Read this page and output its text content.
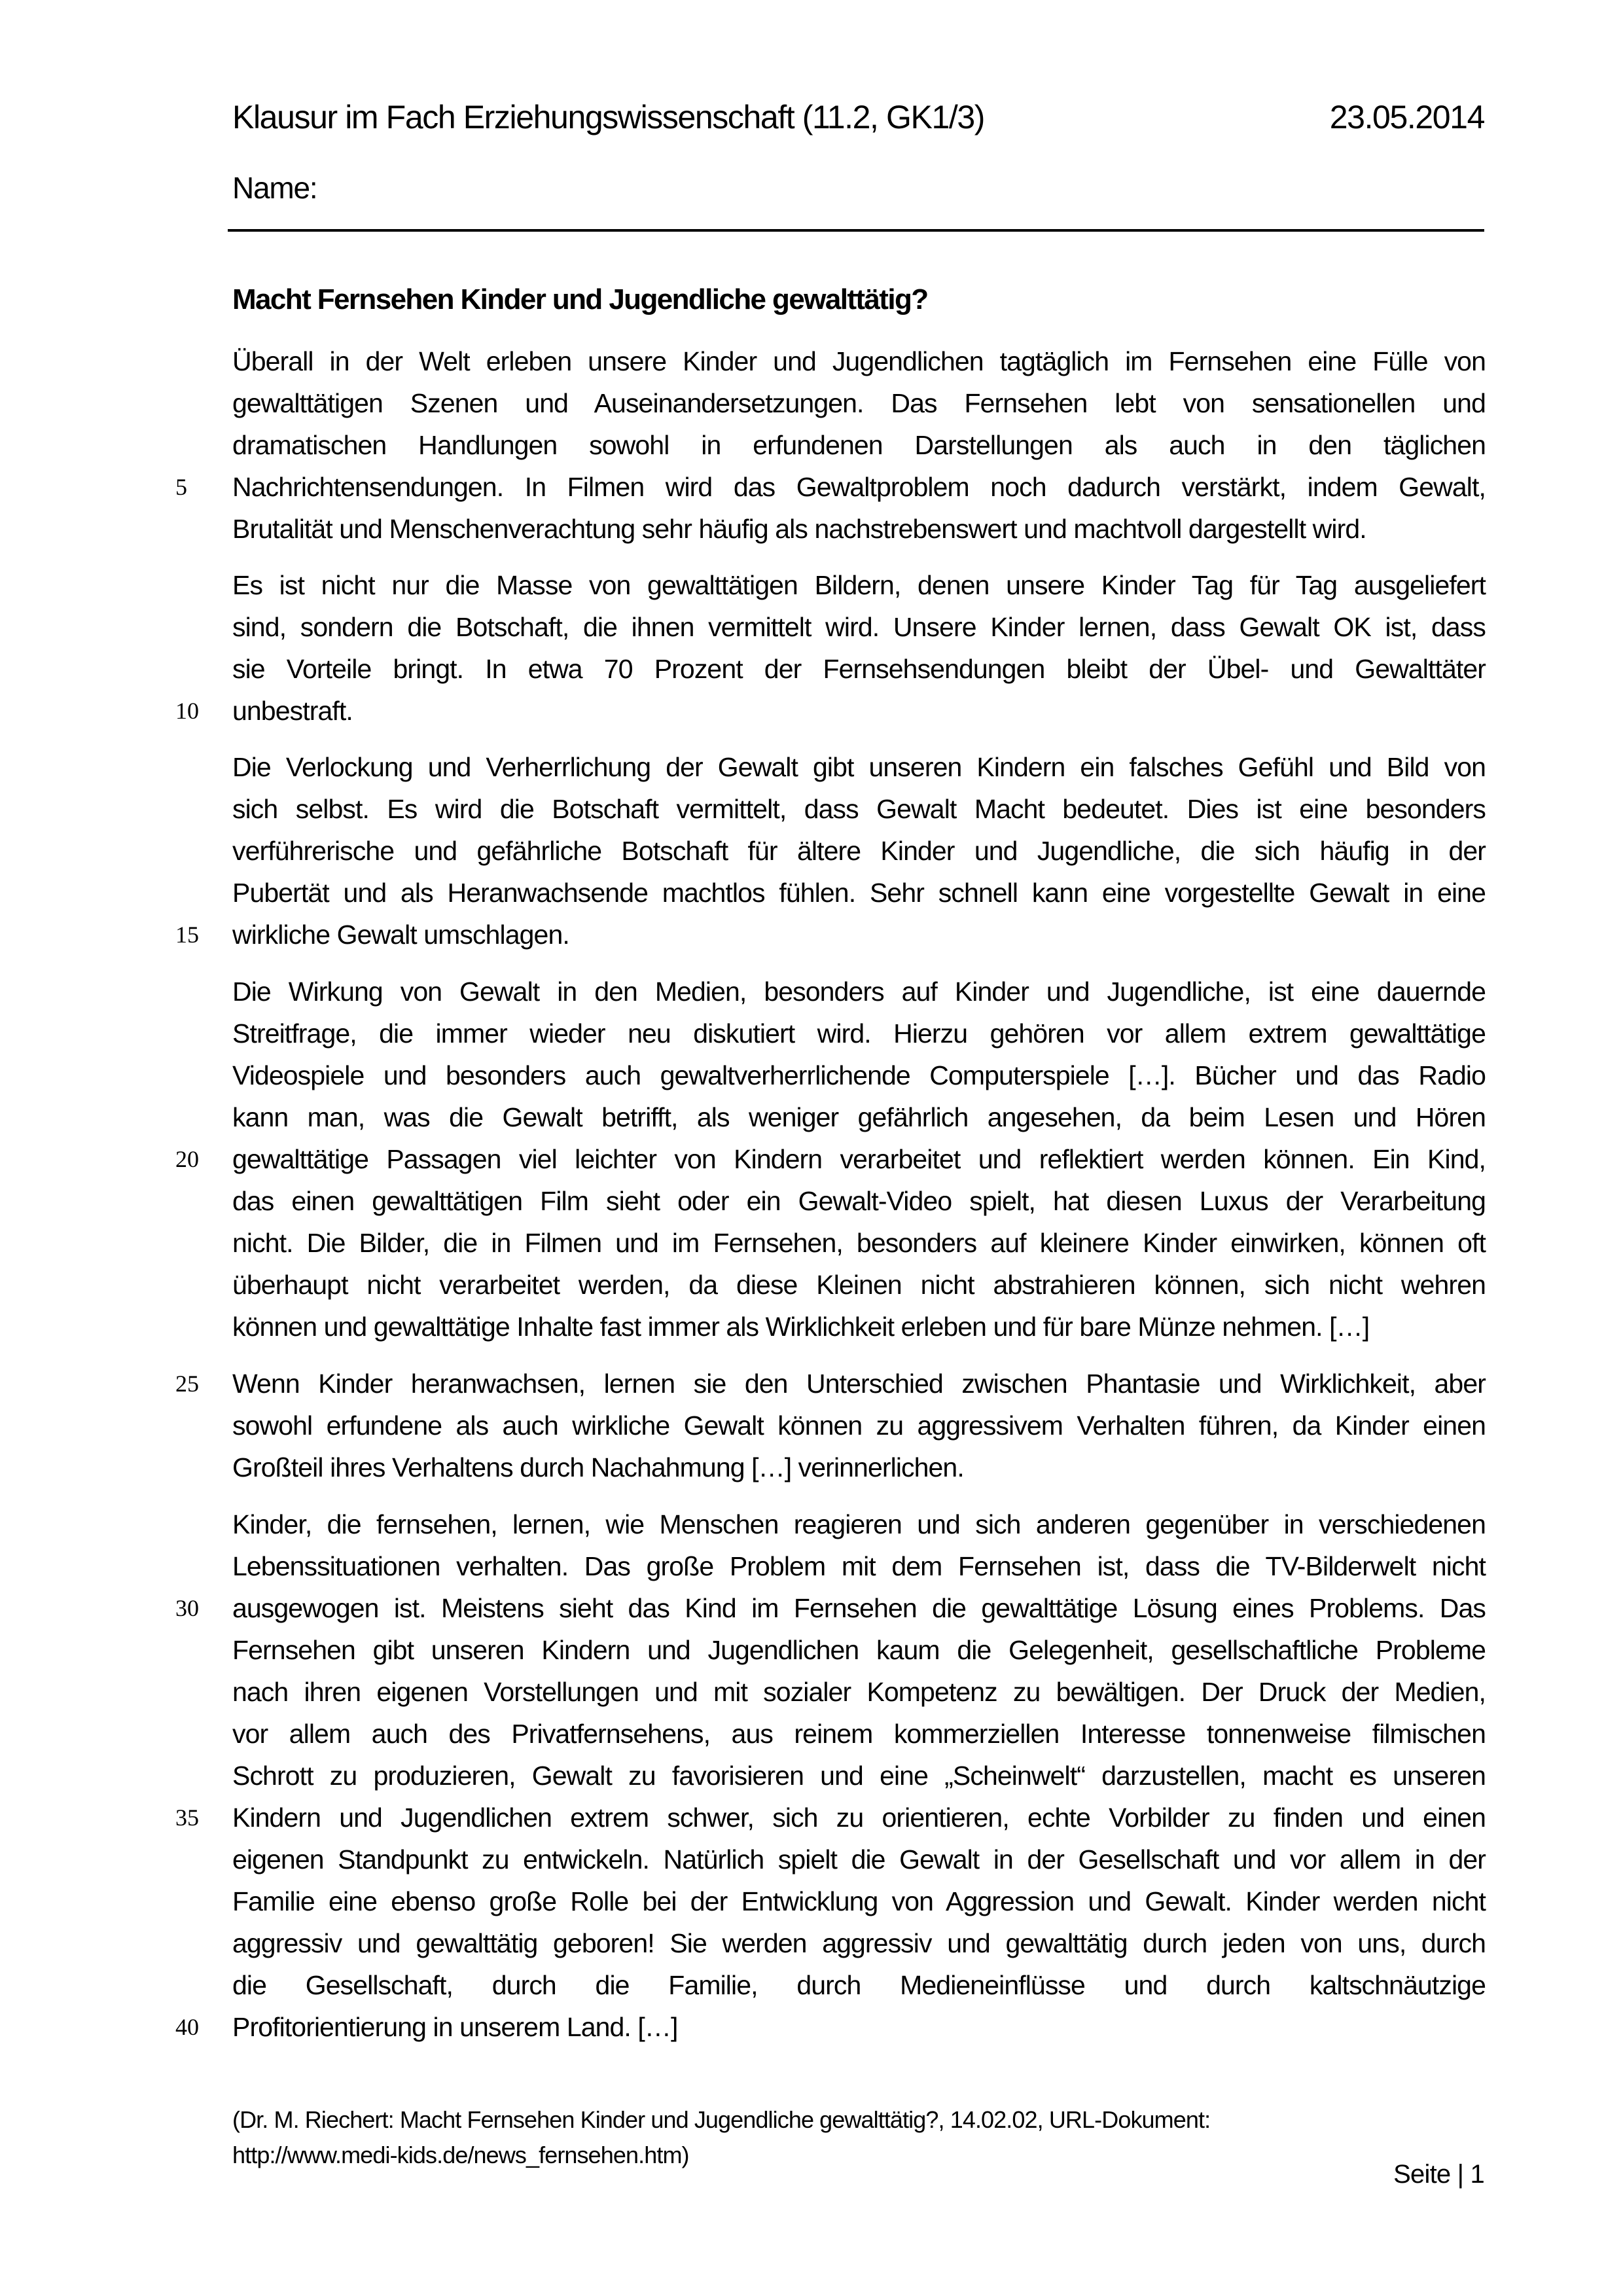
Klausur im Fach Erziehungswissenschaft (11.2, GK1/3)	23.05.2014
Name:
Macht Fernsehen Kinder und Jugendliche gewalttätig?
Überall in der Welt erleben unsere Kinder und Jugendlichen tagtäglich im Fernsehen eine Fülle von
gewalttätigen Szenen und Auseinandersetzungen. Das Fernsehen lebt von sensationellen und
dramatischen Handlungen sowohl in erfundenen Darstellungen als auch in den täglichen
Nachrichtensendungen. In Filmen wird das Gewaltproblem noch dadurch verstärkt, indem Gewalt,
5
Brutalität und Menschenverachtung sehr häufig als nachstrebenswert und machtvoll dargestellt wird.
Es ist nicht nur die Masse von gewalttätigen Bildern, denen unsere Kinder Tag für Tag ausgeliefert
sind, sondern die Botschaft, die ihnen vermittelt wird. Unsere Kinder lernen, dass Gewalt OK ist, dass
sie Vorteile bringt. In etwa 70 Prozent der Fernsehsendungen bleibt der Übel- und Gewalttäter
unbestraft.
10
Die Verlockung und Verherrlichung der Gewalt gibt unseren Kindern ein falsches Gefühl und Bild von
sich selbst. Es wird die Botschaft vermittelt, dass Gewalt Macht bedeutet. Dies ist eine besonders
verführerische und gefährliche Botschaft für ältere Kinder und Jugendliche, die sich häufig in der
Pubertät und als Heranwachsende machtlos fühlen. Sehr schnell kann eine vorgestellte Gewalt in eine
wirkliche Gewalt umschlagen.
15
Die Wirkung von Gewalt in den Medien, besonders auf Kinder und Jugendliche, ist eine dauernde
Streitfrage, die immer wieder neu diskutiert wird. Hierzu gehören vor allem extrem gewalttätige
Videospiele und besonders auch gewaltverherrlichende Computerspiele […]. Bücher und das Radio
kann man, was die Gewalt betrifft, als weniger gefährlich angesehen, da beim Lesen und Hören
gewalttätige Passagen viel leichter von Kindern verarbeitet und reflektiert werden können. Ein Kind,
20
das einen gewalttätigen Film sieht oder ein Gewalt-Video spielt, hat diesen Luxus der Verarbeitung
nicht. Die Bilder, die in Filmen und im Fernsehen, besonders auf kleinere Kinder einwirken, können oft
überhaupt nicht verarbeitet werden, da diese Kleinen nicht abstrahieren können, sich nicht wehren
können und gewalttätige Inhalte fast immer als Wirklichkeit erleben und für bare Münze nehmen. […]
Wenn Kinder heranwachsen, lernen sie den Unterschied zwischen Phantasie und Wirklichkeit, aber
25
sowohl erfundene als auch wirkliche Gewalt können zu aggressivem Verhalten führen, da Kinder einen
Großteil ihres Verhaltens durch Nachahmung […] verinnerlichen.
Kinder, die fernsehen, lernen, wie Menschen reagieren und sich anderen gegenüber in verschiedenen
Lebenssituationen verhalten. Das große Problem mit dem Fernsehen ist, dass die TV-Bilderwelt nicht
ausgewogen ist. Meistens sieht das Kind im Fernsehen die gewalttätige Lösung eines Problems. Das
30
Fernsehen gibt unseren Kindern und Jugendlichen kaum die Gelegenheit, gesellschaftliche Probleme
nach ihren eigenen Vorstellungen und mit sozialer Kompetenz zu bewältigen. Der Druck der Medien,
vor allem auch des Privatfernsehens, aus reinem kommerziellen Interesse tonnenweise filmischen
Schrott zu produzieren, Gewalt zu favorisieren und eine „Scheinwelt“ darzustellen, macht es unseren
Kindern und Jugendlichen extrem schwer, sich zu orientieren, echte Vorbilder zu finden und einen
35
eigenen Standpunkt zu entwickeln. Natürlich spielt die Gewalt in der Gesellschaft und vor allem in der
Familie eine ebenso große Rolle bei der Entwicklung von Aggression und Gewalt. Kinder werden nicht
aggressiv und gewalttätig geboren! Sie werden aggressiv und gewalttätig durch jeden von uns, durch
die Gesellschaft, durch die Familie, durch Medieneinflüsse und durch kaltschnäutzige
Profitorientierung in unserem Land. […]
40
(Dr. M. Riechert: Macht Fernsehen Kinder und Jugendliche gewalttätig?, 14.02.02, URL-Dokument:
http://www.medi-kids.de/news_fernsehen.htm)
Seite | 1
